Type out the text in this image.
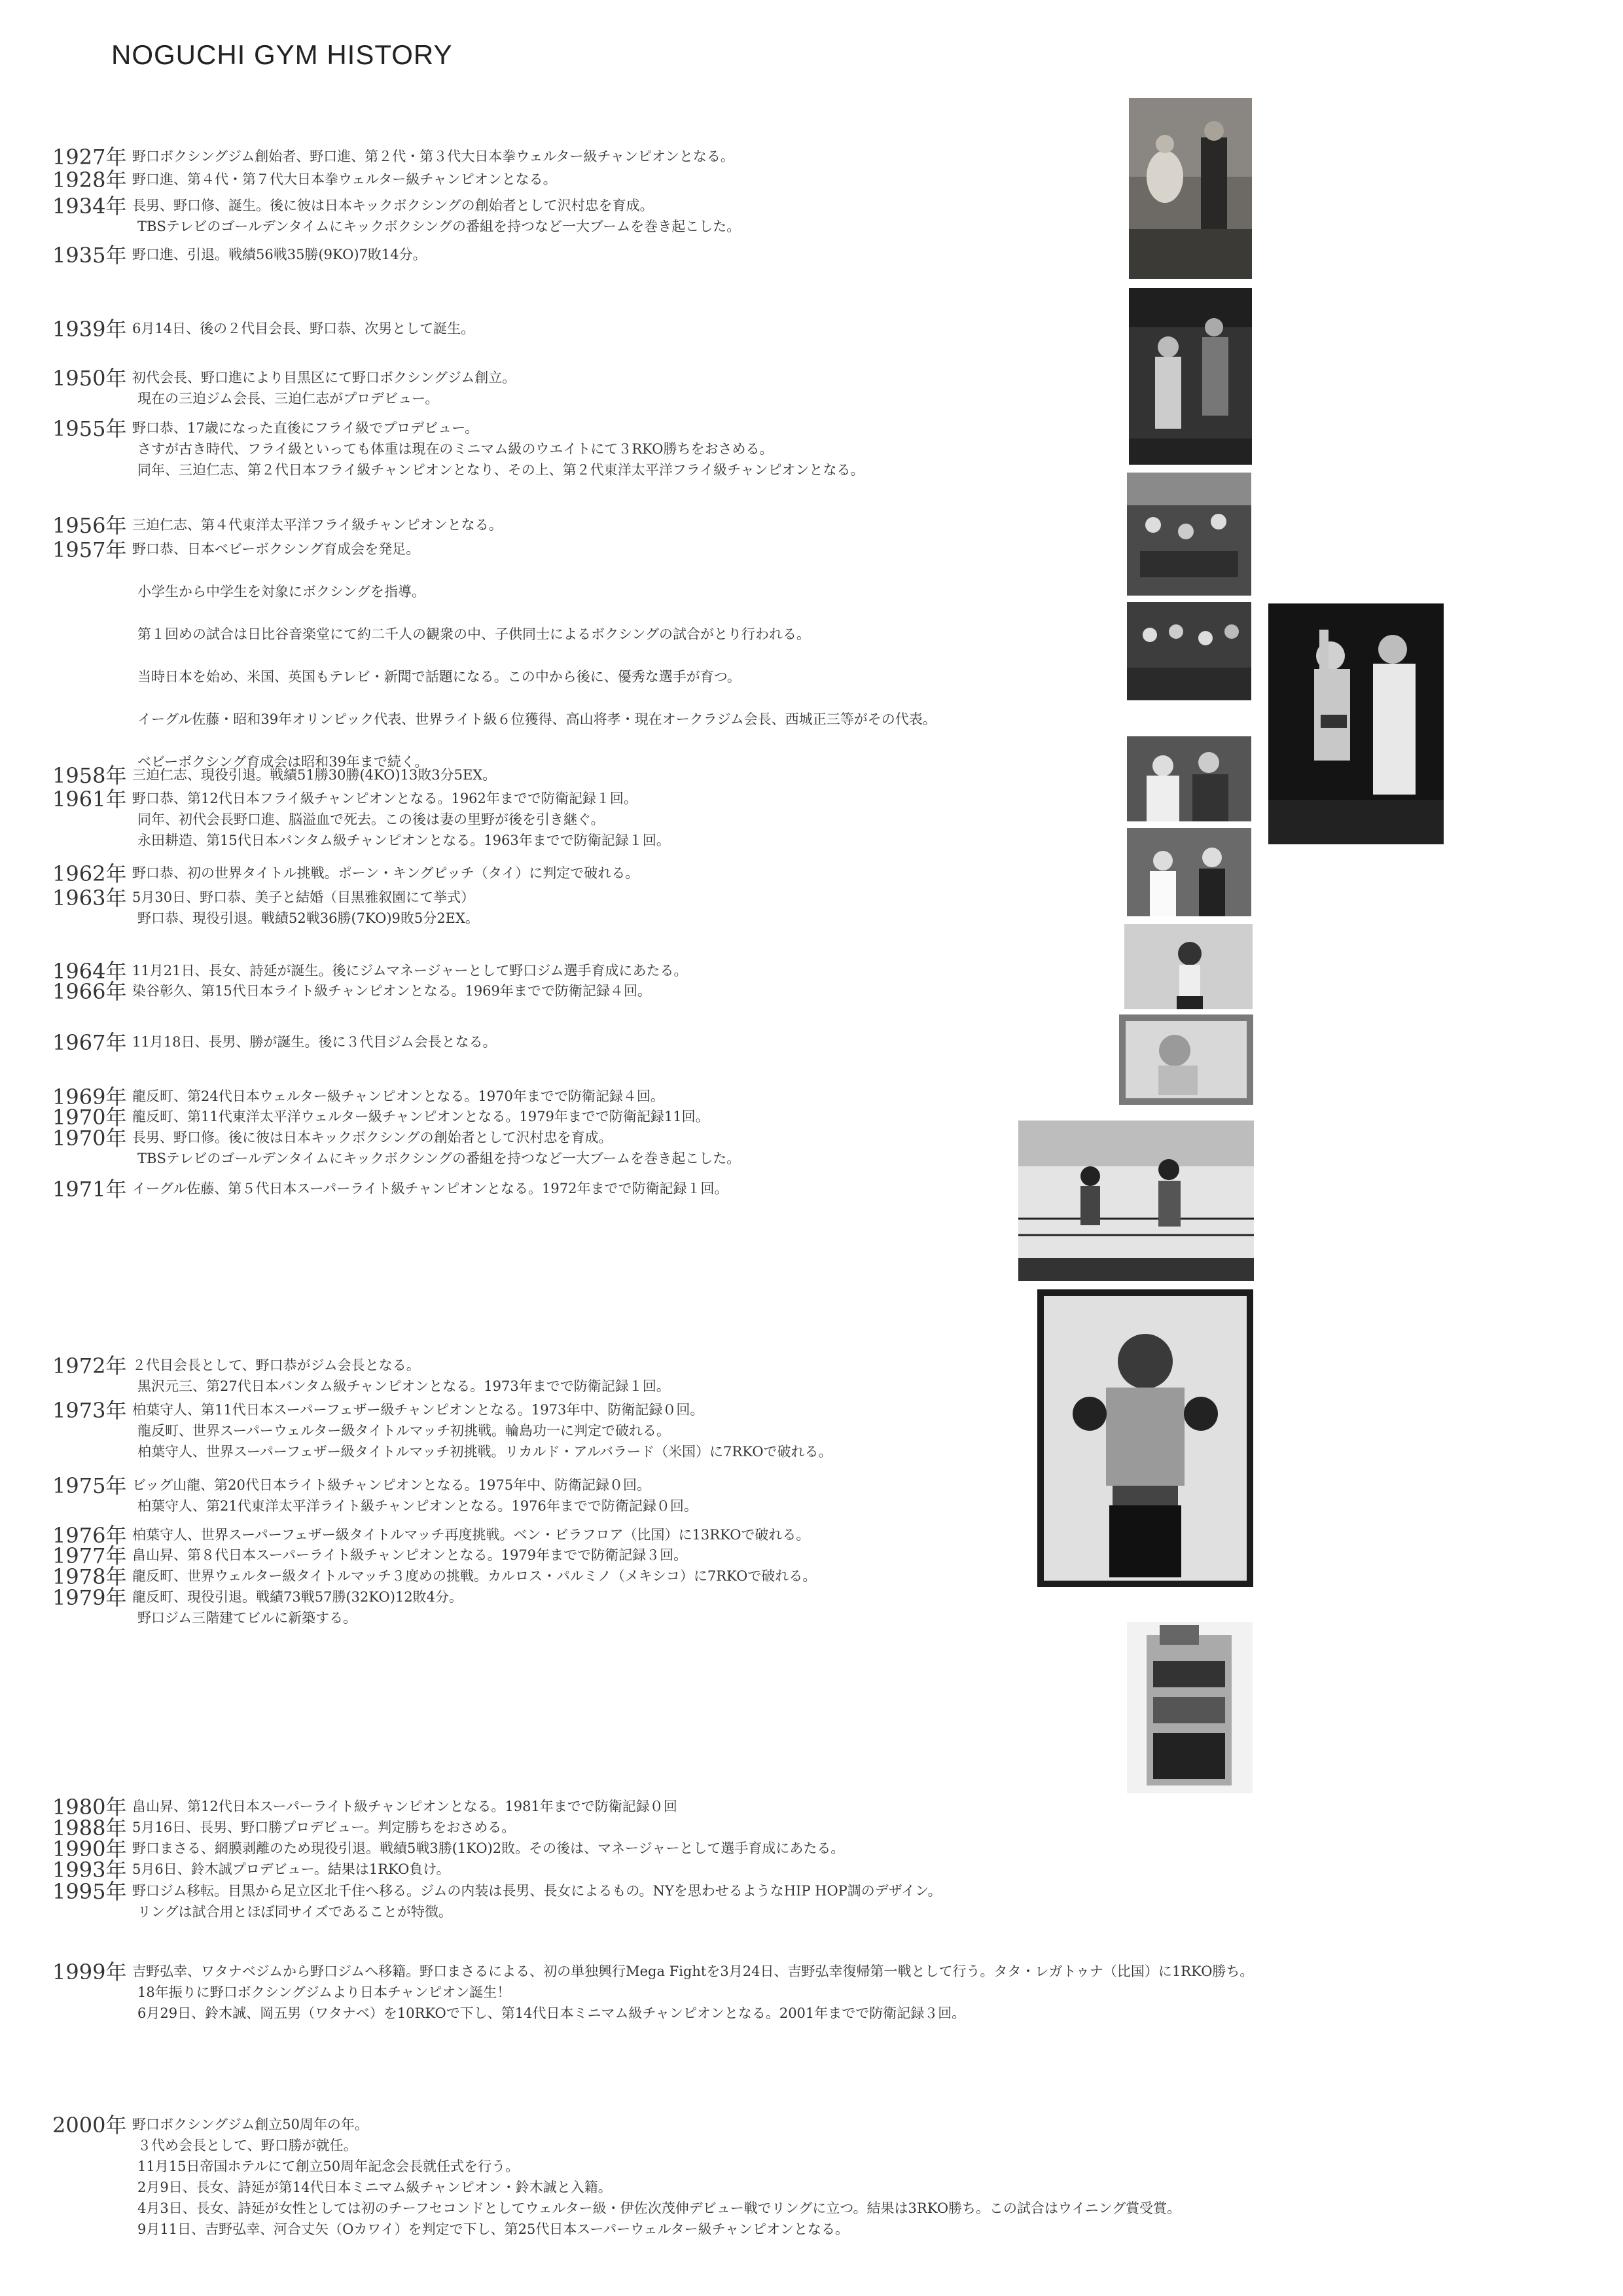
NOGUCHI GYM HISTORY
1927年 野口ボクシングジム創始者、野口進、第２代・第３代大日本拳ウェルター級チャンピオンとなる。
1928年 野口進、第４代・第７代大日本拳ウェルター級チャンピオンとなる。
1934年 長男、野口修、誕生。後に彼は日本キックボクシングの創始者として沢村忠を育成。
TBSテレビのゴールデンタイムにキックボクシングの番組を持つなど一大ブームを巻き起こした。
1935年 野口進、引退。戦績56戦35勝(9KO)7敗14分。
1939年 6月14日、後の２代目会長、野口恭、次男として誕生。
1950年 初代会長、野口進により目黒区にて野口ボクシングジム創立。
現在の三迫ジム会長、三迫仁志がプロデビュー。
1955年 野口恭、17歳になった直後にフライ級でプロデビュー。
さすが古き時代、フライ級といっても体重は現在のミニマム級のウエイトにて３RKO勝ちをおさめる。
同年、三迫仁志、第２代日本フライ級チャンピオンとなり、その上、第２代東洋太平洋フライ級チャンピオンとなる。
1956年 三迫仁志、第４代東洋太平洋フライ級チャンピオンとなる。
1957年 野口恭、日本ベビーボクシング育成会を発足。
小学生から中学生を対象にボクシングを指導。
第１回めの試合は日比谷音楽堂にて約二千人の観衆の中、子供同士によるボクシングの試合がとり行われる。
当時日本を始め、米国、英国もテレビ・新聞で話題になる。この中から後に、優秀な選手が育つ。
イーグル佐藤・昭和39年オリンピック代表、世界ライト級６位獲得、高山将孝・現在オークラジム会長、西城正三等がその代表。
ベビーボクシング育成会は昭和39年まで続く。
1958年 三迫仁志、現役引退。戦績51勝30勝(4KO)13敗3分5EX。
1961年 野口恭、第12代日本フライ級チャンピオンとなる。1962年までで防衛記録１回。
同年、初代会長野口進、脳溢血で死去。この後は妻の里野が後を引き継ぐ。
永田耕造、第15代日本バンタム級チャンピオンとなる。1963年までで防衛記録１回。
1962年 野口恭、初の世界タイトル挑戦。ポーン・キングピッチ（タイ）に判定で破れる。
1963年 5月30日、野口恭、美子と結婚（目黒雅叙園にて挙式）
野口恭、現役引退。戦績52戦36勝(7KO)9敗5分2EX。
1964年 11月21日、長女、詩延が誕生。後にジムマネージャーとして野口ジム選手育成にあたる。
1966年 染谷彰久、第15代日本ライト級チャンピオンとなる。1969年までで防衛記録４回。
1967年 11月18日、長男、勝が誕生。後に３代目ジム会長となる。
1969年 龍反町、第24代日本ウェルター級チャンピオンとなる。1970年までで防衛記録４回。
1970年 龍反町、第11代東洋太平洋ウェルター級チャンピオンとなる。1979年までで防衛記録11回。
1970年 長男、野口修。後に彼は日本キックボクシングの創始者として沢村忠を育成。
TBSテレビのゴールデンタイムにキックボクシングの番組を持つなど一大ブームを巻き起こした。
1971年 イーグル佐藤、第５代日本スーパーライト級チャンピオンとなる。1972年までで防衛記録１回。
1972年 ２代目会長として、野口恭がジム会長となる。
黒沢元三、第27代日本バンタム級チャンピオンとなる。1973年までで防衛記録１回。
1973年 柏葉守人、第11代日本スーパーフェザー級チャンピオンとなる。1973年中、防衛記録０回。
龍反町、世界スーパーウェルター級タイトルマッチ初挑戦。輪島功一に判定で破れる。
柏葉守人、世界スーパーフェザー級タイトルマッチ初挑戦。リカルド・アルバラード（米国）に7RKOで破れる。
1975年 ビッグ山龍、第20代日本ライト級チャンピオンとなる。1975年中、防衛記録０回。
柏葉守人、第21代東洋太平洋ライト級チャンピオンとなる。1976年までで防衛記録０回。
1976年 柏葉守人、世界スーパーフェザー級タイトルマッチ再度挑戦。ベン・ビラフロア（比国）に13RKOで破れる。
1977年 畠山昇、第８代日本スーパーライト級チャンピオンとなる。1979年までで防衛記録３回。
1978年 龍反町、世界ウェルター級タイトルマッチ３度めの挑戦。カルロス・パルミノ（メキシコ）に7RKOで破れる。
1979年 龍反町、現役引退。戦績73戦57勝(32KO)12敗4分。
野口ジム三階建てビルに新築する。
1980年 畠山昇、第12代日本スーパーライト級チャンピオンとなる。1981年までで防衛記録０回
1988年 5月16日、長男、野口勝プロデビュー。判定勝ちをおさめる。
1990年 野口まさる、網膜剥離のため現役引退。戦績5戦3勝(1KO)2敗。その後は、マネージャーとして選手育成にあたる。
1993年 5月6日、鈴木誠プロデビュー。結果は1RKO負け。
1995年 野口ジム移転。目黒から足立区北千住へ移る。ジムの内装は長男、長女によるもの。NYを思わせるようなHIP HOP調のデザイン。
リングは試合用とほぼ同サイズであることが特徴。
1999年 吉野弘幸、ワタナベジムから野口ジムへ移籍。野口まさるによる、初の単独興行Mega Fightを3月24日、吉野弘幸復帰第一戦として行う。タタ・レガトゥナ（比国）に1RKO勝ち。
18年振りに野口ボクシングジムより日本チャンピオン誕生！
6月29日、鈴木誠、岡五男（ワタナベ）を10RKOで下し、第14代日本ミニマム級チャンピオンとなる。2001年までで防衛記録３回。
2000年 野口ボクシングジム創立50周年の年。
３代め会長として、野口勝が就任。
11月15日帝国ホテルにて創立50周年記念会長就任式を行う。
2月9日、長女、詩延が第14代日本ミニマム級チャンピオン・鈴木誠と入籍。
4月3日、長女、詩延が女性としては初のチーフセコンドとしてウェルター級・伊佐次茂伸デビュー戦でリングに立つ。結果は3RKO勝ち。この試合はウイニング賞受賞。
9月11日、吉野弘幸、河合丈矢（Oカワイ）を判定で下し、第25代日本スーパーウェルター級チャンピオンとなる。
